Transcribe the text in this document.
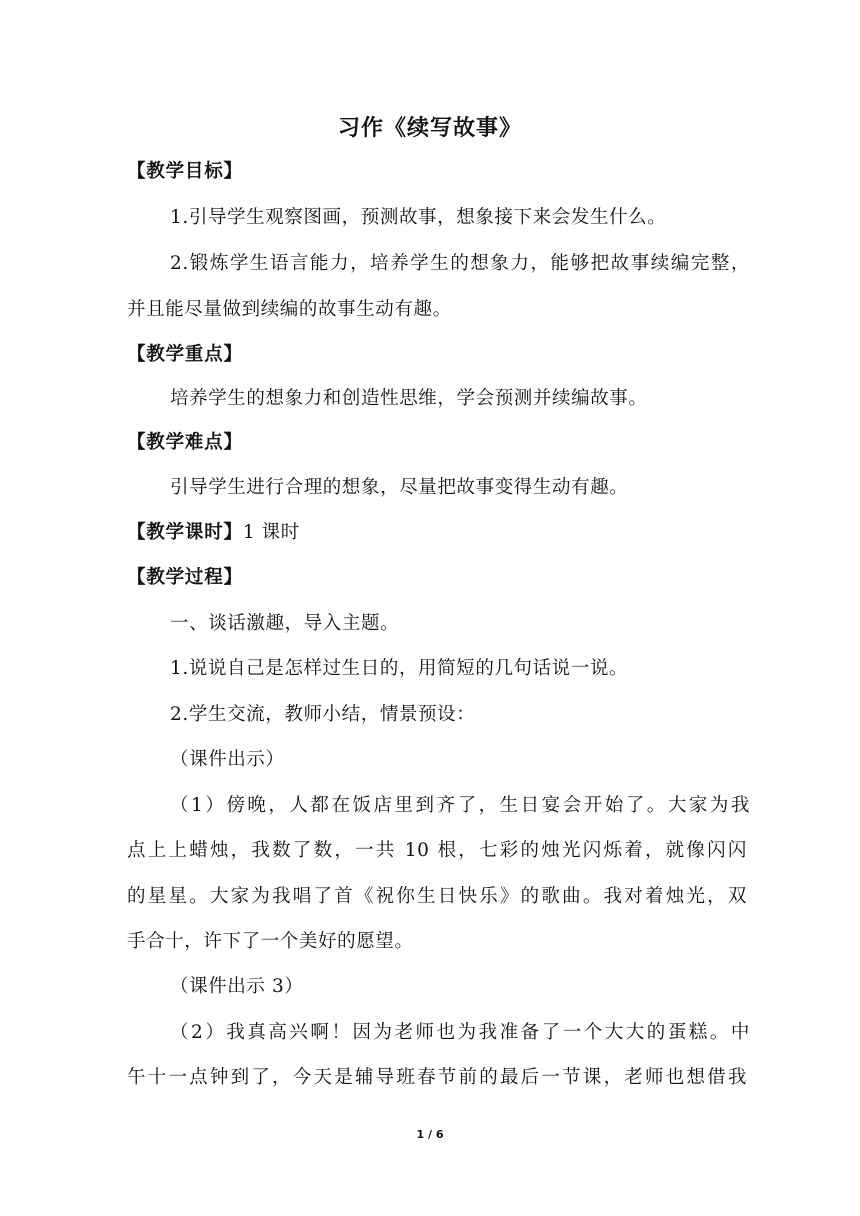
习作《续写故事》
【教学目标】
1.引导学生观察图画，预测故事，想象接下来会发生什么。
2.锻炼学生语言能力，培养学生的想象力，能够把故事续编完整，
并且能尽量做到续编的故事生动有趣。
【教学重点】
培养学生的想象力和创造性思维，学会预测并续编故事。
【教学难点】
引导学生进行合理的想象，尽量把故事变得生动有趣。
【教学课时】1 课时
【教学过程】
一、谈话激趣，导入主题。
1.说说自己是怎样过生日的，用简短的几句话说一说。
2.学生交流，教师小结，情景预设：
（课件出示）
（1）傍晚，人都在饭店里到齐了，生日宴会开始了。大家为我
点上上蜡烛，我数了数，一共 10 根，七彩的烛光闪烁着，就像闪闪
的星星。大家为我唱了首《祝你生日快乐》的歌曲。我对着烛光，双
手合十，许下了一个美好的愿望。
（课件出示 3）
（2）我真高兴啊！因为老师也为我准备了一个大大的蛋糕。中
午十一点钟到了，今天是辅导班春节前的最后一节课，老师也想借我
1 / 6
